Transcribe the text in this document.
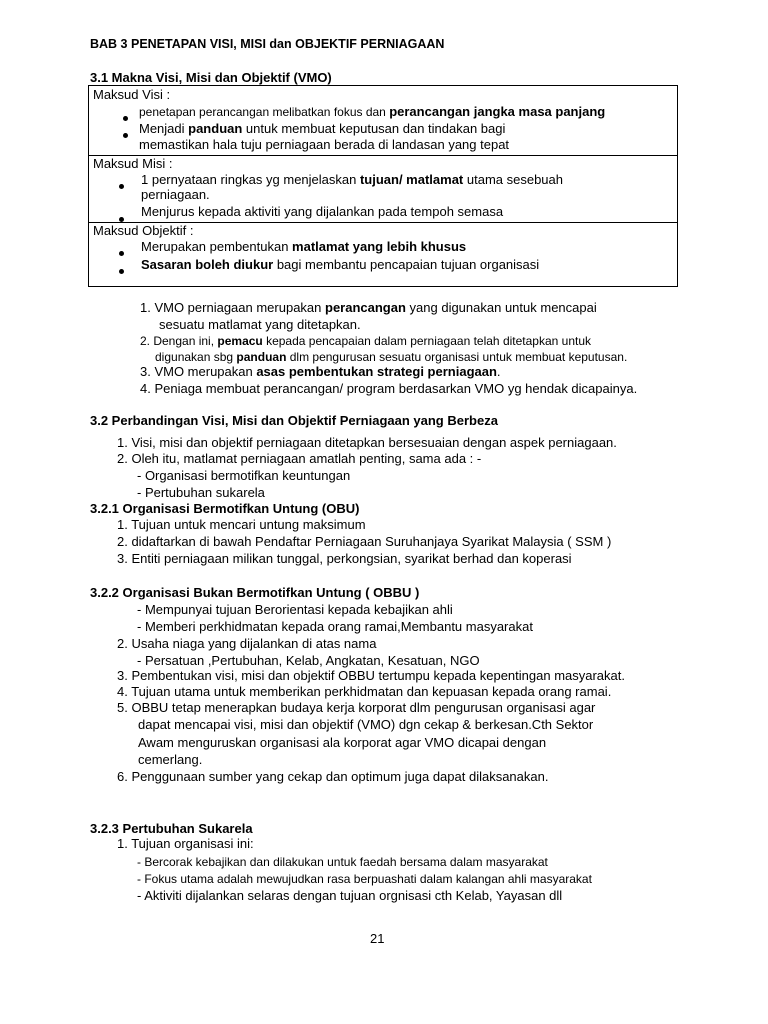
BAB 3 PENETAPAN VISI, MISI dan OBJEKTIF PERNIAGAAN
3.1 Makna Visi, Misi dan Objektif (VMO)
Maksud Visi :
penetapan perancangan melibatkan fokus dan perancangan jangka masa panjang
Menjadi panduan untuk membuat keputusan dan tindakan bagi
memastikan hala tuju perniagaan berada di landasan yang tepat
Maksud Misi :
1 pernyataan ringkas yg menjelaskan tujuan/ matlamat utama sesebuah
perniagaan.
Menjurus kepada aktiviti yang dijalankan pada tempoh semasa
Maksud Objektif :
Merupakan pembentukan matlamat yang lebih khusus
Sasaran boleh diukur bagi membantu pencapaian tujuan organisasi
1. VMO perniagaan merupakan perancangan yang digunakan untuk mencapai
sesuatu matlamat yang ditetapkan.
2. Dengan ini, pemacu kepada pencapaian dalam perniagaan telah ditetapkan untuk
digunakan sbg panduan dlm pengurusan sesuatu organisasi untuk membuat keputusan.
3. VMO merupakan asas pembentukan strategi perniagaan.
4. Peniaga membuat perancangan/ program berdasarkan VMO yg hendak dicapainya.
3.2 Perbandingan Visi, Misi dan Objektif Perniagaan yang Berbeza
1. Visi, misi dan objektif perniagaan ditetapkan bersesuaian dengan aspek perniagaan.
2. Oleh itu, matlamat perniagaan amatlah penting, sama ada : -
- Organisasi bermotifkan keuntungan
- Pertubuhan sukarela
3.2.1 Organisasi Bermotifkan Untung (OBU)
1. Tujuan untuk mencari untung maksimum
2. didaftarkan di bawah Pendaftar Perniagaan Suruhanjaya Syarikat Malaysia ( SSM )
3. Entiti perniagaan milikan tunggal, perkongsian, syarikat berhad dan koperasi
3.2.2 Organisasi Bukan Bermotifkan Untung ( OBBU )
- Mempunyai tujuan Berorientasi kepada kebajikan ahli
- Memberi perkhidmatan kepada orang ramai,Membantu masyarakat
2. Usaha niaga yang dijalankan di atas nama
- Persatuan ,Pertubuhan, Kelab, Angkatan, Kesatuan, NGO
3. Pembentukan visi, misi dan objektif OBBU tertumpu kepada kepentingan masyarakat.
4. Tujuan utama untuk memberikan perkhidmatan dan kepuasan kepada orang ramai.
5. OBBU tetap menerapkan budaya kerja korporat dlm pengurusan organisasi agar
dapat mencapai visi, misi dan objektif (VMO) dgn cekap & berkesan.Cth Sektor
Awam menguruskan organisasi ala korporat agar VMO dicapai dengan
cemerlang.
6. Penggunaan sumber yang cekap dan optimum juga dapat dilaksanakan.
3.2.3 Pertubuhan Sukarela
1. Tujuan organisasi ini:
- Bercorak kebajikan dan dilakukan untuk faedah bersama dalam masyarakat
- Fokus utama adalah mewujudkan rasa berpuashati dalam kalangan ahli masyarakat
- Aktiviti dijalankan selaras dengan tujuan orgnisasi cth Kelab, Yayasan dll
21
